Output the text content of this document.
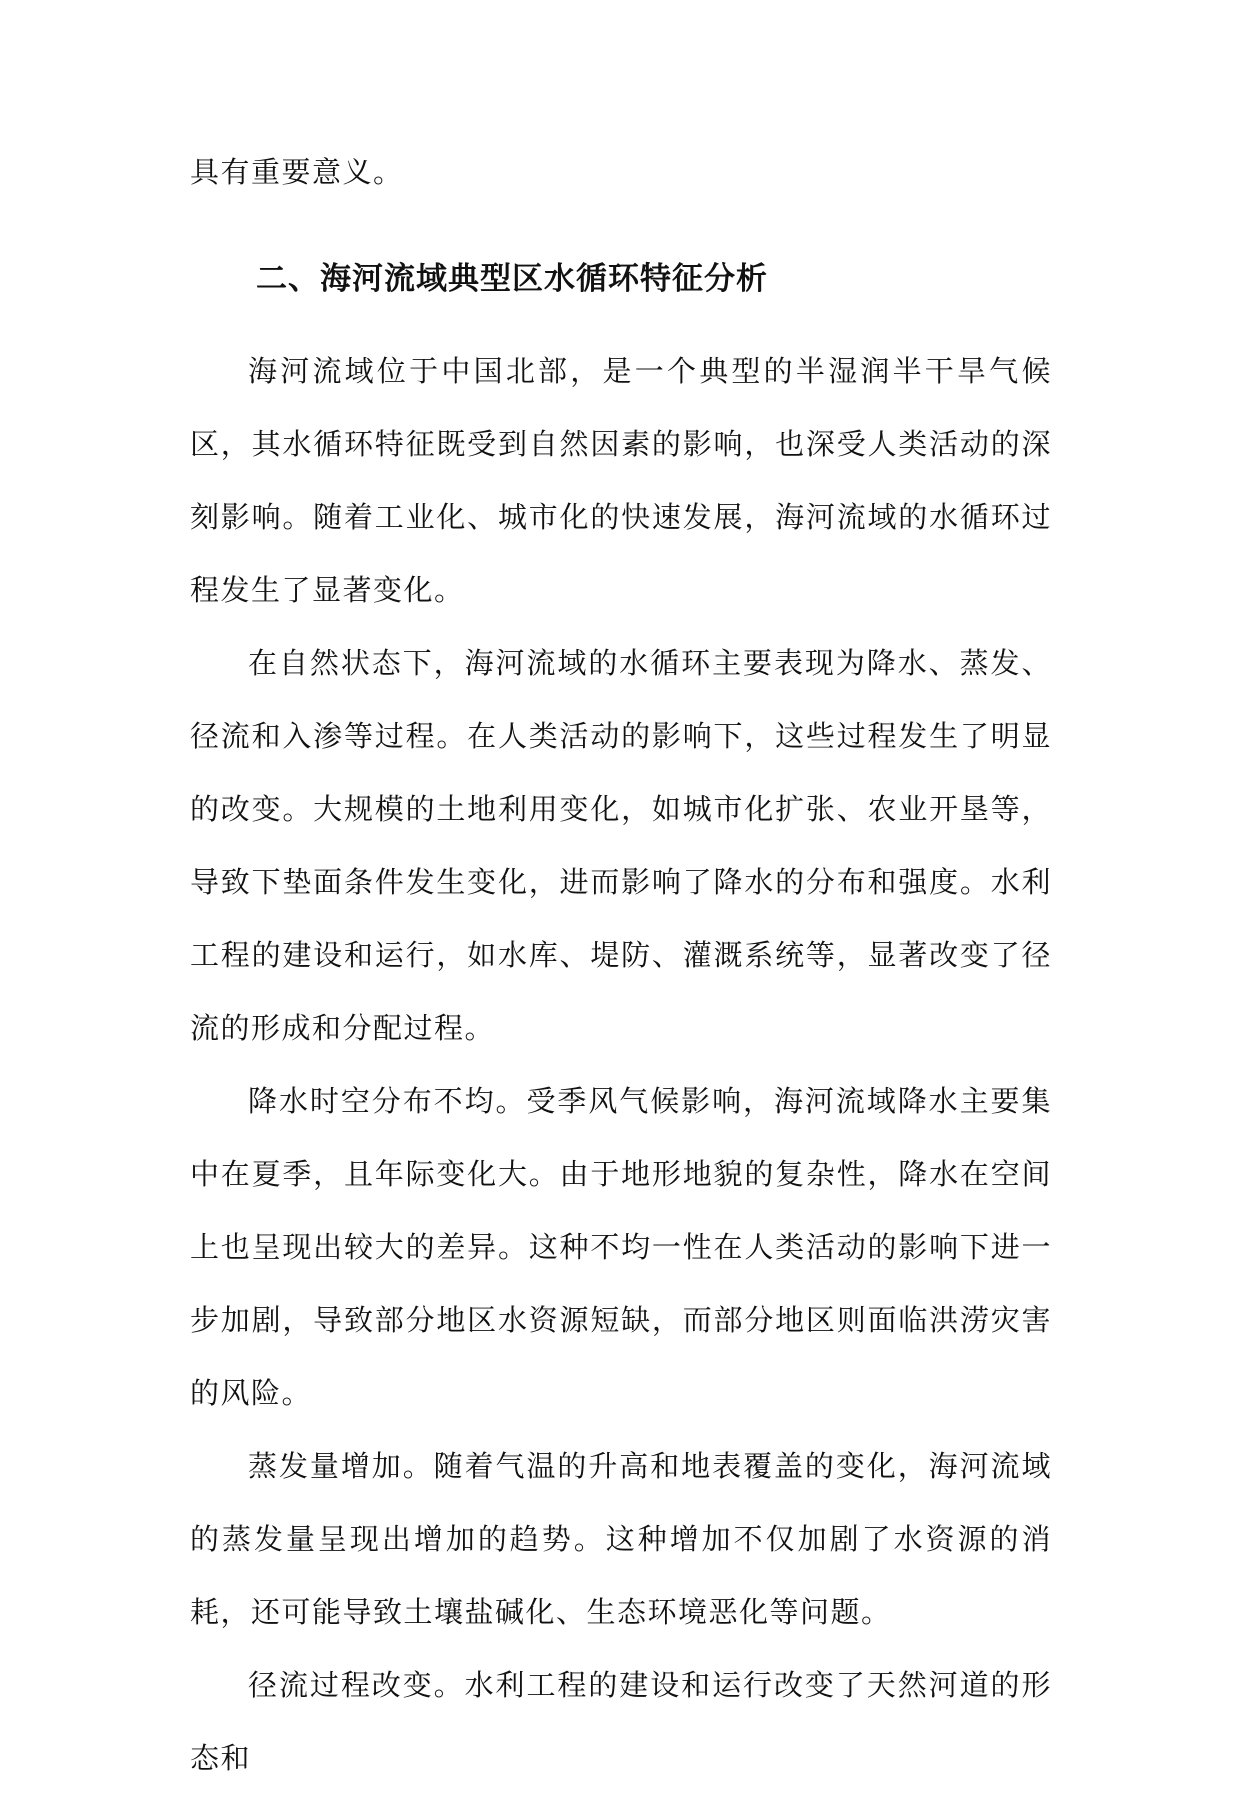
具有重要意义。

二、海河流域典型区水循环特征分析

海河流域位于中国北部，是一个典型的半湿润半干旱气候区，其水循环特征既受到自然因素的影响，也深受人类活动的深刻影响。随着工业化、城市化的快速发展，海河流域的水循环过程发生了显著变化。

在自然状态下，海河流域的水循环主要表现为降水、蒸发、径流和入渗等过程。在人类活动的影响下，这些过程发生了明显的改变。大规模的土地利用变化，如城市化扩张、农业开垦等，导致下垫面条件发生变化，进而影响了降水的分布和强度。水利工程的建设和运行，如水库、堤防、灌溉系统等，显著改变了径流的形成和分配过程。

降水时空分布不均。受季风气候影响，海河流域降水主要集中在夏季，且年际变化大。由于地形地貌的复杂性，降水在空间上也呈现出较大的差异。这种不均一性在人类活动的影响下进一步加剧，导致部分地区水资源短缺，而部分地区则面临洪涝灾害的风险。

蒸发量增加。随着气温的升高和地表覆盖的变化，海河流域的蒸发量呈现出增加的趋势。这种增加不仅加剧了水资源的消耗，还可能导致土壤盐碱化、生态环境恶化等问题。

径流过程改变。水利工程的建设和运行改变了天然河道的形态和
